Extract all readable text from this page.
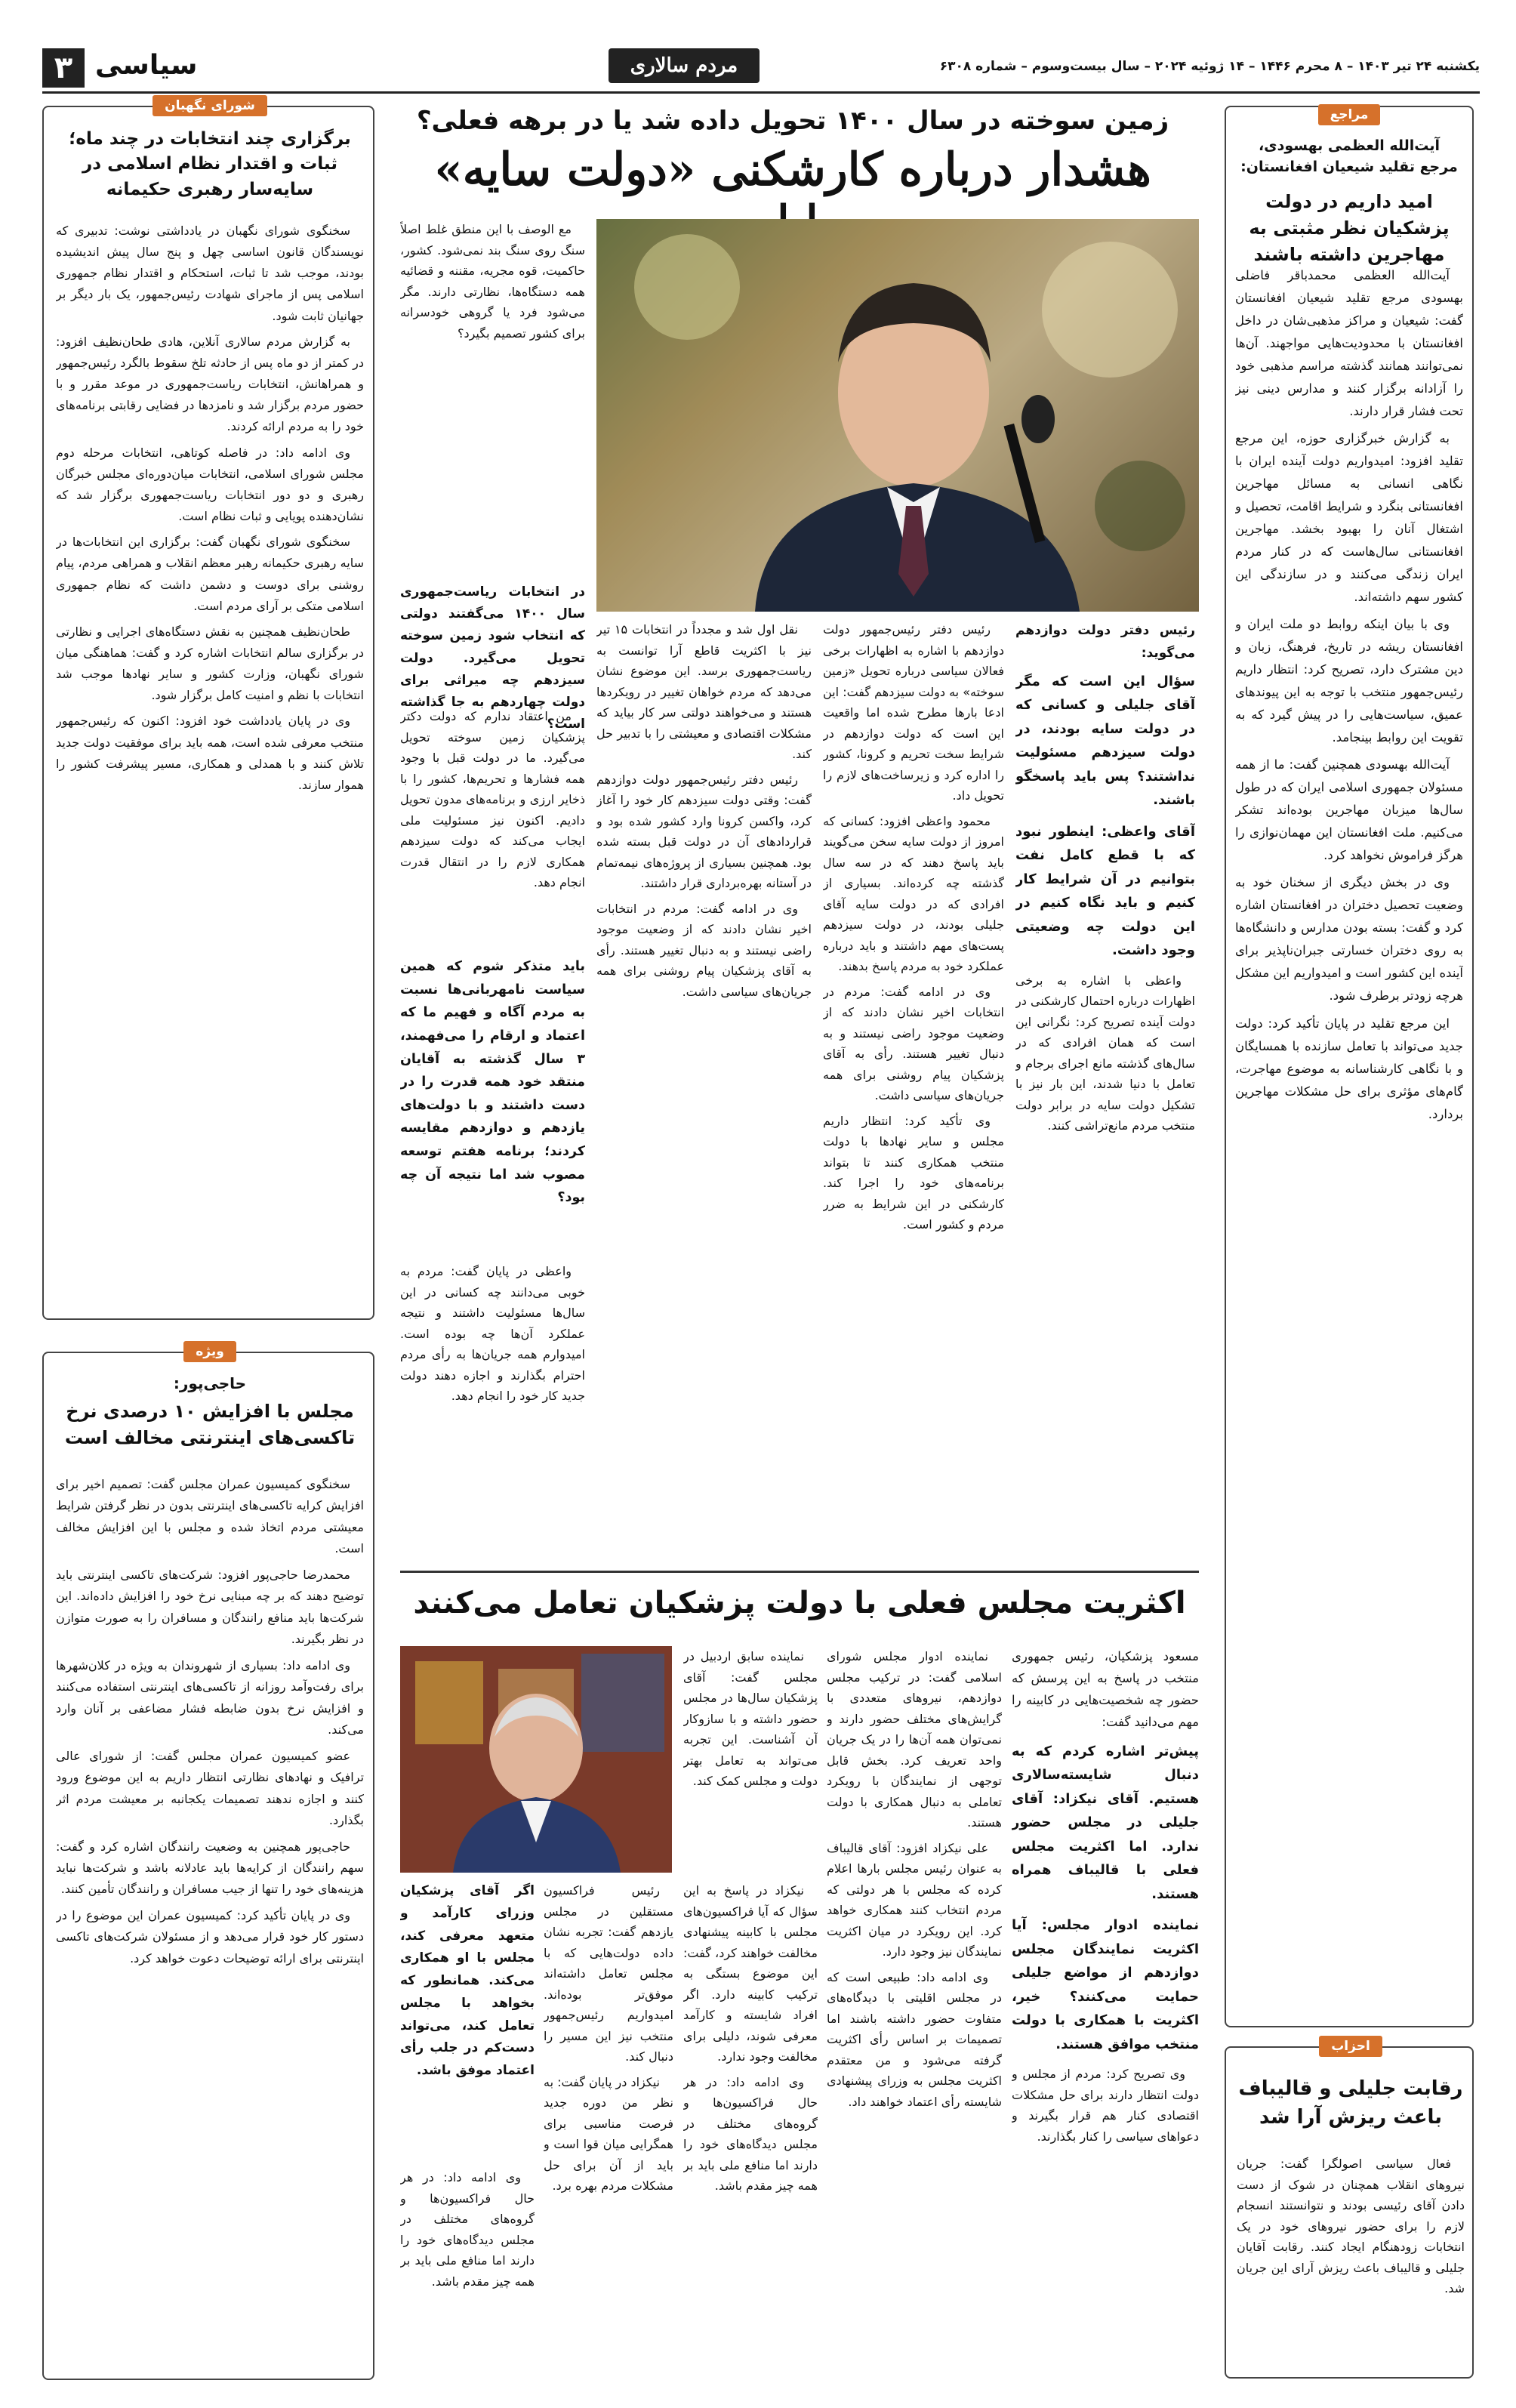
یکشنبه ۲۴ تیر ۱۴۰۳ – ۸ محرم ۱۴۴۶ – ۱۴ ژوئیه ۲۰۲۴ – سال بیست‌وسوم – شماره ۶۳۰۸
مردم سالاری
سیاسی
۳
مراجع
آیت‌الله العظمی بهسودی،
مرجع تقلید شیعیان افغانستان:
امید داریم در دولت پزشکیان نظر مثبتی به مهاجرین داشته باشند

آیت‌الله العظمی محمدباقر فاضلی بهسودی مرجع تقلید شیعیان افغانستان گفت: شیعیان و مراکز مذهبی‌شان در داخل افغانستان با محدودیت‌هایی مواجهند. آن‌ها نمی‌توانند همانند گذشته مراسم مذهبی خود را آزادانه برگزار کنند و مدارس دینی نیز تحت فشار قرار دارند.

به گزارش خبرگزاری حوزه، این مرجع تقلید افزود: امیدواریم دولت آینده ایران با نگاهی انسانی به مسائل مهاجرین افغانستانی بنگرد و شرایط اقامت، تحصیل و اشتغال آنان را بهبود بخشد. مهاجرین افغانستانی سال‌هاست که در کنار مردم ایران زندگی می‌کنند و در سازندگی این کشور سهم داشته‌اند.

وی با بیان اینکه روابط دو ملت ایران و افغانستان ریشه در تاریخ، فرهنگ، زبان و دین مشترک دارد، تصریح کرد: انتظار داریم رئیس‌جمهور منتخب با توجه به این پیوندهای عمیق، سیاست‌هایی را در پیش گیرد که به تقویت این روابط بینجامد.

آیت‌الله بهسودی همچنین گفت: ما از همه مسئولان جمهوری اسلامی ایران که در طول سال‌ها میزبان مهاجرین بوده‌اند تشکر می‌کنیم. ملت افغانستان این مهمان‌نوازی را هرگز فراموش نخواهد کرد.

وی در بخش دیگری از سخنان خود به وضعیت تحصیل دختران در افغانستان اشاره کرد و گفت: بسته بودن مدارس و دانشگاه‌ها به روی دختران خسارتی جبران‌ناپذیر برای آینده این کشور است و امیدواریم این مشکل هرچه زودتر برطرف شود.

این مرجع تقلید در پایان تأکید کرد: دولت جدید می‌تواند با تعامل سازنده با همسایگان و با نگاهی کارشناسانه به موضوع مهاجرت، گام‌های مؤثری برای حل مشکلات مهاجرین بردارد.

احزاب
رقابت جلیلی و قالیباف باعث ریزش آرا شد

فعال سیاسی اصولگرا گفت: جریان نیروهای انقلاب همچنان در شوک از دست دادن آقای رئیسی بودند و نتوانستند انسجام لازم را برای حضور نیروهای خود در یک انتخابات زودهنگام ایجاد کنند. رقابت آقایان جلیلی و قالیباف باعث ریزش آرای این جریان شد.

زمین سوخته در سال ۱۴۰۰ تحویل داده شد یا در برهه فعلی؟
هشدار درباره کارشکنی «دولت سایه»
رئیس دفتر دولت دوازدهم می‌گوید:
سؤال این است که مگر آقای جلیلی و کسانی که در دولت سایه بودند، در دولت سیزدهم مسئولیت نداشتند؟ پس باید پاسخگو باشند.
آقای واعظی: اینطور نبود که با قطع کامل نفت بتوانیم در آن شرایط کار کنیم و باید نگاه کنیم در این دولت چه وضعیتی وجود داشت.

واعظی با اشاره به برخی اظهارات درباره احتمال کارشکنی در دولت آینده تصریح کرد: نگرانی این است که همان افرادی که در سال‌های گذشته مانع اجرای برجام و تعامل با دنیا شدند، این بار نیز با تشکیل دولت سایه در برابر دولت منتخب مردم مانع‌تراشی کنند.

رئیس دفتر رئیس‌جمهور دولت دوازدهم با اشاره به اظهارات برخی فعالان سیاسی درباره تحویل «زمین سوخته» به دولت سیزدهم گفت: این ادعا بارها مطرح شده اما واقعیت این است که دولت دوازدهم در شرایط سخت تحریم و کرونا، کشور را اداره کرد و زیرساخت‌های لازم را تحویل داد.

محمود واعظی افزود: کسانی که امروز از دولت سایه سخن می‌گویند باید پاسخ دهند که در سه سال گذشته چه کرده‌اند. بسیاری از افرادی که در دولت سایه آقای جلیلی بودند، در دولت سیزدهم پست‌های مهم داشتند و باید درباره عملکرد خود به مردم پاسخ بدهند.

وی در ادامه گفت: مردم در انتخابات اخیر نشان دادند که از وضعیت موجود راضی نیستند و به دنبال تغییر هستند. رأی به آقای پزشکیان پیام روشنی برای همه جریان‌های سیاسی داشت.

وی تأکید کرد: انتظار داریم مجلس و سایر نهادها با دولت منتخب همکاری کنند تا بتواند برنامه‌های خود را اجرا کند. کارشکنی در این شرایط به ضرر مردم و کشور است.

نقل اول شد و مجدداً در انتخابات ۱۵ تیر نیز با اکثریت قاطع آرا توانست به ریاست‌جمهوری برسد. این موضوع نشان می‌دهد که مردم خواهان تغییر در رویکردها هستند و می‌خواهند دولتی سر کار بیاید که مشکلات اقتصادی و معیشتی را با تدبیر حل کند.

رئیس دفتر رئیس‌جمهور دولت دوازدهم گفت: وقتی دولت سیزدهم کار خود را آغاز کرد، واکسن کرونا وارد کشور شده بود و قراردادهای آن در دولت قبل بسته شده بود. همچنین بسیاری از پروژه‌های نیمه‌تمام در آستانه بهره‌برداری قرار داشتند.

وی در ادامه گفت: مردم در انتخابات اخیر نشان دادند که از وضعیت موجود راضی نیستند و به دنبال تغییر هستند. رأی به آقای پزشکیان پیام روشنی برای همه جریان‌های سیاسی داشت.

مع الوصف با این منطق غلط اصلاً سنگ روی سنگ بند نمی‌شود. کشور، حاکمیت، قوه مجریه، مقننه و قضائیه همه دستگاه‌ها، نظارتی دارند. مگر می‌شود فرد یا گروهی خودسرانه برای کشور تصمیم بگیرد؟

در انتخابات ریاست‌جمهوری سال ۱۴۰۰ می‌گفتند دولتی که انتخاب شود زمین سوخته تحویل می‌گیرد. دولت سیزدهم چه میراثی برای دولت چهاردهم به جا گذاشته است؟

من اعتقاد ندارم که دولت دکتر پزشکیان زمین سوخته تحویل می‌گیرد. ما در دولت قبل با وجود همه فشارها و تحریم‌ها، کشور را با ذخایر ارزی و برنامه‌های مدون تحویل دادیم. اکنون نیز مسئولیت ملی ایجاب می‌کند که دولت سیزدهم همکاری لازم را در انتقال قدرت انجام دهد.

باید متذکر شوم که همین سیاست نامهربانی‌ها نسبت به مردم آگاه و فهیم ما که اعتماد و ارقام را می‌فهمند، ۳ سال گذشته به آقایان منتقد خود همه قدرت را در دست داشتند و با دولت‌های یازدهم و دوازدهم مقایسه کردند؛ برنامه هفتم توسعه مصوب شد اما نتیجه آن چه بود؟

واعظی در پایان گفت: مردم به خوبی می‌دانند چه کسانی در این سال‌ها مسئولیت داشتند و نتیجه عملکرد آن‌ها چه بوده است. امیدوارم همه جریان‌ها به رأی مردم احترام بگذارند و اجازه دهند دولت جدید کار خود را انجام دهد.

شورای نگهبان
برگزاری چند انتخابات در چند ماه؛ ثبات و اقتدار نظام اسلامی در سایه‌سار رهبری حکیمانه

سخنگوی شورای نگهبان در یادداشتی نوشت: تدبیری که نویسندگان قانون اساسی چهل و پنج سال پیش اندیشیده بودند، موجب شد تا ثبات، استحکام و اقتدار نظام جمهوری اسلامی پس از ماجرای شهادت رئیس‌جمهور، یک بار دیگر بر جهانیان ثابت شود.

به گزارش مردم سالاری آنلاین، هادی طحان‌نظیف افزود: در کمتر از دو ماه پس از حادثه تلخ سقوط بالگرد رئیس‌جمهور و همراهانش، انتخابات ریاست‌جمهوری در موعد مقرر و با حضور مردم برگزار شد و نامزدها در فضایی رقابتی برنامه‌های خود را به مردم ارائه کردند.

وی ادامه داد: در فاصله کوتاهی، انتخابات مرحله دوم مجلس شورای اسلامی، انتخابات میان‌دوره‌ای مجلس خبرگان رهبری و دو دور انتخابات ریاست‌جمهوری برگزار شد که نشان‌دهنده پویایی و ثبات نظام است.

سخنگوی شورای نگهبان گفت: برگزاری این انتخابات‌ها در سایه رهبری حکیمانه رهبر معظم انقلاب و همراهی مردم، پیام روشنی برای دوست و دشمن داشت که نظام جمهوری اسلامی متکی بر آرای مردم است.

طحان‌نظیف همچنین به نقش دستگاه‌های اجرایی و نظارتی در برگزاری سالم انتخابات اشاره کرد و گفت: هماهنگی میان شورای نگهبان، وزارت کشور و سایر نهادها موجب شد انتخابات با نظم و امنیت کامل برگزار شود.

وی در پایان یادداشت خود افزود: اکنون که رئیس‌جمهور منتخب معرفی شده است، همه باید برای موفقیت دولت جدید تلاش کنند و با همدلی و همکاری، مسیر پیشرفت کشور را هموار سازند.

ویژه
حاجی‌پور:
مجلس با افزایش ۱۰ درصدی نرخ تاکسی‌های اینترنتی مخالف است

سخنگوی کمیسیون عمران مجلس گفت: تصمیم اخیر برای افزایش کرایه تاکسی‌های اینترنتی بدون در نظر گرفتن شرایط معیشتی مردم اتخاذ شده و مجلس با این افزایش مخالف است.

محمدرضا حاجی‌پور افزود: شرکت‌های تاکسی اینترنتی باید توضیح دهند که بر چه مبنایی نرخ خود را افزایش داده‌اند. این شرکت‌ها باید منافع رانندگان و مسافران را به صورت متوازن در نظر بگیرند.

وی ادامه داد: بسیاری از شهروندان به ویژه در کلان‌شهرها برای رفت‌وآمد روزانه از تاکسی‌های اینترنتی استفاده می‌کنند و افزایش نرخ بدون ضابطه فشار مضاعفی بر آنان وارد می‌کند.

عضو کمیسیون عمران مجلس گفت: از شورای عالی ترافیک و نهادهای نظارتی انتظار داریم به این موضوع ورود کنند و اجازه ندهند تصمیمات یکجانبه بر معیشت مردم اثر بگذارد.

حاجی‌پور همچنین به وضعیت رانندگان اشاره کرد و گفت: سهم رانندگان از کرایه‌ها باید عادلانه باشد و شرکت‌ها نباید هزینه‌های خود را تنها از جیب مسافران و رانندگان تأمین کنند.

وی در پایان تأکید کرد: کمیسیون عمران این موضوع را در دستور کار خود قرار می‌دهد و از مسئولان شرکت‌های تاکسی اینترنتی برای ارائه توضیحات دعوت خواهد کرد.

اکثریت مجلس فعلی با دولت پزشکیان تعامل می‌کنند
مسعود پزشکیان، رئیس جمهوری منتخب در پاسخ به این پرسش که حضور چه شخصیت‌هایی در کابینه را مهم می‌دانید گفت:
پیش‌تر اشاره کردم که به دنبال شایسته‌سالاری هستیم. آقای نیکزاد: آقای جلیلی در مجلس حضور ندارد. اما اکثریت مجلس فعلی با قالیباف همراه هستند.
نماینده ادوار مجلس: آیا اکثریت نمایندگان مجلس دوازدهم از مواضع جلیلی حمایت می‌کنند؟ خیر، اکثریت با همکاری با دولت منتخب موافق هستند.

وی تصریح کرد: مردم از مجلس و دولت انتظار دارند برای حل مشکلات اقتصادی کنار هم قرار بگیرند و دعواهای سیاسی را کنار بگذارند.

نماینده ادوار مجلس شورای اسلامی گفت: در ترکیب مجلس دوازدهم، نیروهای متعددی با گرایش‌های مختلف حضور دارند و نمی‌توان همه آن‌ها را در یک جریان واحد تعریف کرد. بخش قابل توجهی از نمایندگان با رویکرد تعاملی به دنبال همکاری با دولت هستند.

علی نیکزاد افزود: آقای قالیباف به عنوان رئیس مجلس بارها اعلام کرده که مجلس با هر دولتی که مردم انتخاب کنند همکاری خواهد کرد. این رویکرد در میان اکثریت نمایندگان نیز وجود دارد.

وی ادامه داد: طبیعی است که در مجلس اقلیتی با دیدگاه‌های متفاوت حضور داشته باشند اما تصمیمات بر اساس رأی اکثریت گرفته می‌شود و من معتقدم اکثریت مجلس به وزرای پیشنهادی شایسته رأی اعتماد خواهند داد.

نماینده سابق اردبیل در مجلس گفت: آقای پزشکیان سال‌ها در مجلس حضور داشته و با سازوکار آن آشناست. این تجربه می‌تواند به تعامل بهتر دولت و مجلس کمک کند.

نیکزاد در پاسخ به این سؤال که آیا فراکسیون‌های مجلس با کابینه پیشنهادی مخالفت خواهند کرد، گفت: این موضوع بستگی به ترکیب کابینه دارد. اگر افراد شایسته و کارآمد معرفی شوند، دلیلی برای مخالفت وجود ندارد.

وی ادامه داد: در هر حال فراکسیون‌ها و گروه‌های مختلف در مجلس دیدگاه‌های خود را دارند اما منافع ملی باید بر همه چیز مقدم باشد.

رئیس فراکسیون مستقلین در مجلس یازدهم گفت: تجربه نشان داده دولت‌هایی که با مجلس تعامل داشته‌اند موفق‌تر بوده‌اند. امیدواریم رئیس‌جمهور منتخب نیز این مسیر را دنبال کند.

نیکزاد در پایان گفت: به نظر من دوره جدید فرصت مناسبی برای همگرایی میان قوا است و باید از آن برای حل مشکلات مردم بهره برد.

اگر آقای پزشکیان وزرای کارآمد و متعهد معرفی کند، مجلس با او همکاری می‌کند. همانطور که بخواهد با مجلس تعامل کند، می‌تواند دست‌کم در جلب رأی اعتماد موفق باشد.

وی ادامه داد: در هر حال فراکسیون‌ها و گروه‌های مختلف در مجلس دیدگاه‌های خود را دارند اما منافع ملی باید بر همه چیز مقدم باشد.
